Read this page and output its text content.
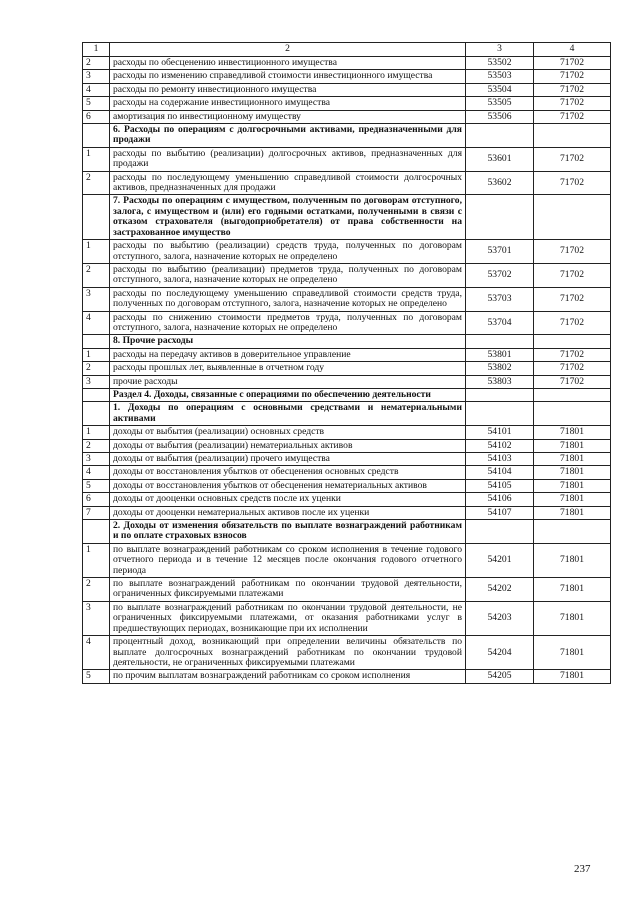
1	2	3	4
2	расходы по обесценению инвестиционного имущества	53502	71702
3	расходы по изменению справедливой стоимости инвестиционного имущества	53503	71702
4	расходы по ремонту инвестиционного имущества	53504	71702
5	расходы на содержание инвестиционного имущества	53505	71702
6	амортизация по инвестиционному имуществу	53506	71702
	6. Расходы по операциям с долгосрочными активами, предназначенными для продажи		
1	расходы по выбытию (реализации) долгосрочных активов, предназначенных для продажи	53601	71702
2	расходы по последующему уменьшению справедливой стоимости долгосрочных активов, предназначенных для продажи	53602	71702
	7. Расходы по операциям с имуществом, полученным по договорам отступного, залога, с имуществом и (или) его годными остатками, полученными в связи с отказом страхователя (выгодоприобретателя) от права собственности на застрахованное имущество		
1	расходы по выбытию (реализации) средств труда, полученных по договорам отступного, залога, назначение которых не определено	53701	71702
2	расходы по выбытию (реализации) предметов труда, полученных по договорам отступного, залога, назначение которых не определено	53702	71702
3	расходы по последующему уменьшению справедливой стоимости средств труда, полученных по договорам отступного, залога, назначение которых не определено	53703	71702
4	расходы по снижению стоимости предметов труда, полученных по договорам отступного, залога, назначение которых не определено	53704	71702
	8. Прочие расходы		
1	расходы на передачу активов в доверительное управление	53801	71702
2	расходы прошлых лет, выявленные в отчетном году	53802	71702
3	прочие расходы	53803	71702
	Раздел 4. Доходы, связанные с операциями по обеспечению деятельности		
	1. Доходы по операциям с основными средствами и нематериальными активами		
1	доходы от выбытия (реализации) основных средств	54101	71801
2	доходы от выбытия (реализации) нематериальных активов	54102	71801
3	доходы от выбытия (реализации) прочего имущества	54103	71801
4	доходы от восстановления убытков от обесценения основных средств	54104	71801
5	доходы от восстановления убытков от обесценения нематериальных активов	54105	71801
6	доходы от дооценки основных средств после их уценки	54106	71801
7	доходы от дооценки нематериальных активов после их уценки	54107	71801
	2. Доходы от изменения обязательств по выплате вознаграждений работникам и по оплате страховых взносов		
1	по выплате вознаграждений работникам со сроком исполнения в течение годового отчетного периода и в течение 12 месяцев после окончания годового отчетного периода	54201	71801
2	по выплате вознаграждений работникам по окончании трудовой деятельности, ограниченных фиксируемыми платежами	54202	71801
3	по выплате вознаграждений работникам по окончании трудовой деятельности, не ограниченных фиксируемыми платежами, от оказания работниками услуг в предшествующих периодах, возникающие при их исполнении	54203	71801
4	процентный доход, возникающий при определении величины обязательств по выплате долгосрочных вознаграждений работникам по окончании трудовой деятельности, не ограниченных фиксируемыми платежами	54204	71801
5	по прочим выплатам вознаграждений работникам со сроком исполнения	54205	71801
237
